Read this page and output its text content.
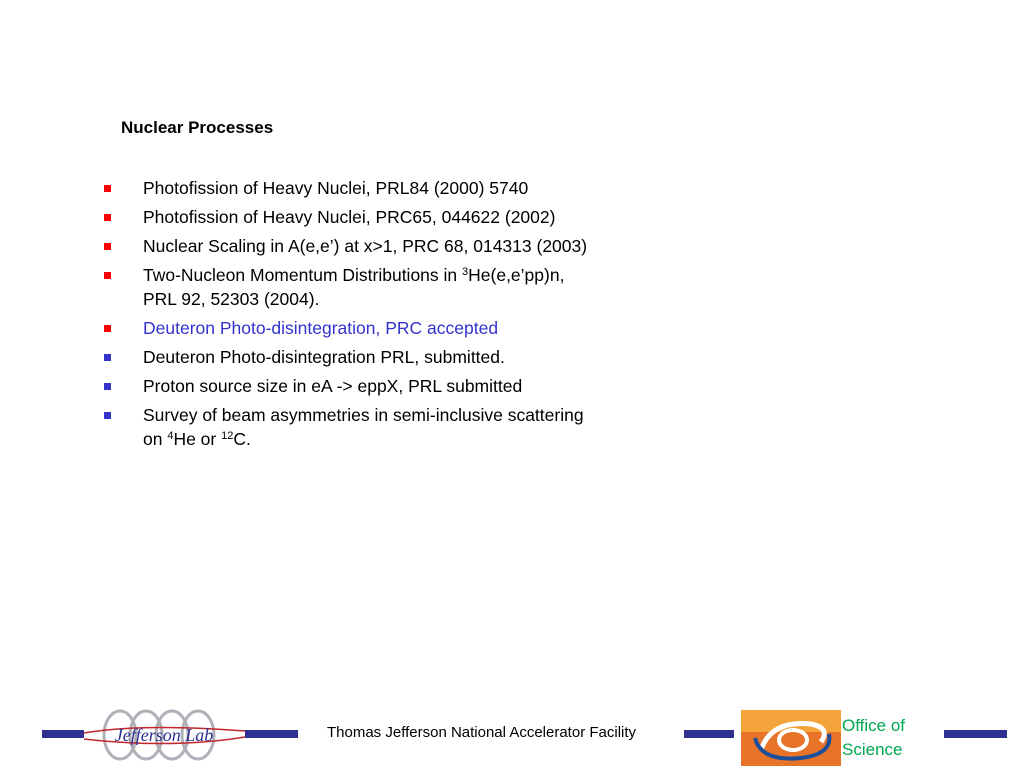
Nuclear Processes
Photofission of Heavy Nuclei, PRL84 (2000) 5740
Photofission of Heavy Nuclei, PRC65, 044622 (2002)
Nuclear Scaling in A(e,e’) at x>1, PRC 68, 014313 (2003)
Two-Nucleon Momentum Distributions in $^3$He(e,e’pp)n,
PRL 92, 52303 (2004).
Deuteron Photo-disintegration, PRC accepted
Deuteron Photo-disintegration PRL, submitted.
Proton source size in eA -> eppX, PRL submitted
Survey of beam asymmetries in semi-inclusive scattering
on $^4$He or $^{12}$C.
Jefferson Lab	Thomas Jefferson National Accelerator Facility	Office of
Science
